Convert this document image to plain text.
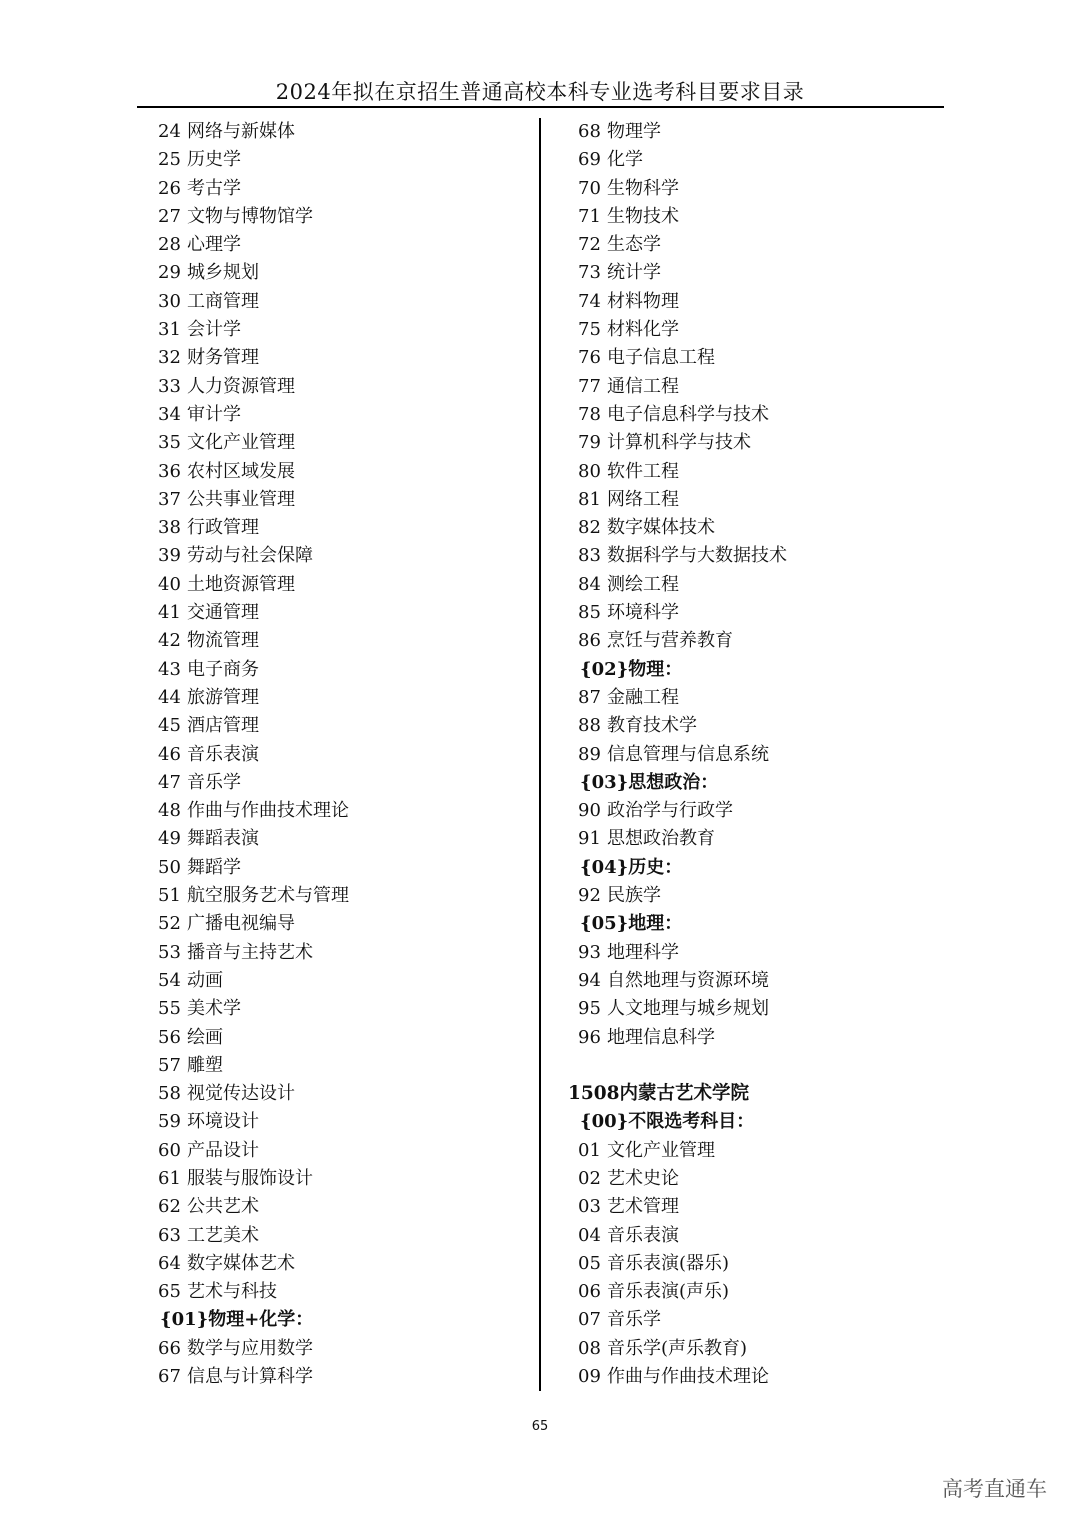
2024年拟在京招生普通高校本科专业选考科目要求目录
24 网络与新媒体
25 历史学
26 考古学
27 文物与博物馆学
28 心理学
29 城乡规划
30 工商管理
31 会计学
32 财务管理
33 人力资源管理
34 审计学
35 文化产业管理
36 农村区域发展
37 公共事业管理
38 行政管理
39 劳动与社会保障
40 土地资源管理
41 交通管理
42 物流管理
43 电子商务
44 旅游管理
45 酒店管理
46 音乐表演
47 音乐学
48 作曲与作曲技术理论
49 舞蹈表演
50 舞蹈学
51 航空服务艺术与管理
52 广播电视编导
53 播音与主持艺术
54 动画
55 美术学
56 绘画
57 雕塑
58 视觉传达设计
59 环境设计
60 产品设计
61 服装与服饰设计
62 公共艺术
63 工艺美术
64 数字媒体艺术
65 艺术与科技
{01}物理+化学：
66 数学与应用数学
67 信息与计算科学
68 物理学
69 化学
70 生物科学
71 生物技术
72 生态学
73 统计学
74 材料物理
75 材料化学
76 电子信息工程
77 通信工程
78 电子信息科学与技术
79 计算机科学与技术
80 软件工程
81 网络工程
82 数字媒体技术
83 数据科学与大数据技术
84 测绘工程
85 环境科学
86 烹饪与营养教育
{02}物理：
87 金融工程
88 教育技术学
89 信息管理与信息系统
{03}思想政治：
90 政治学与行政学
91 思想政治教育
{04}历史：
92 民族学
{05}地理：
93 地理科学
94 自然地理与资源环境
95 人文地理与城乡规划
96 地理信息科学
1508内蒙古艺术学院
{00}不限选考科目：
01 文化产业管理
02 艺术史论
03 艺术管理
04 音乐表演
05 音乐表演(器乐)
06 音乐表演(声乐)
07 音乐学
08 音乐学(声乐教育)
09 作曲与作曲技术理论
65
高考直通车
